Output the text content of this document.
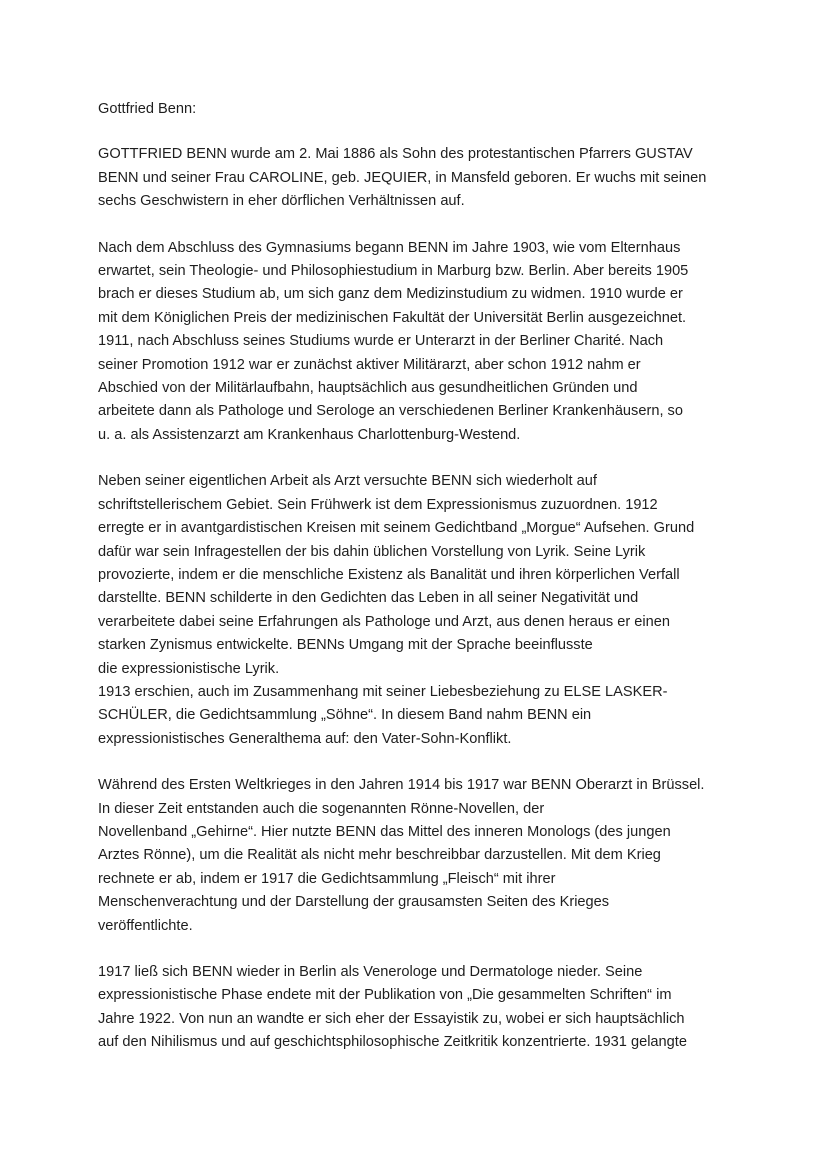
Gottfried Benn:
GOTTFRIED BENN wurde am 2. Mai 1886 als Sohn des protestantischen Pfarrers GUSTAV
BENN und seiner Frau CAROLINE, geb. JEQUIER, in Mansfeld geboren. Er wuchs mit seinen
sechs Geschwistern in eher dörflichen Verhältnissen auf.
Nach dem Abschluss des Gymnasiums begann BENN im Jahre 1903, wie vom Elternhaus
erwartet, sein Theologie- und Philosophiestudium in Marburg bzw. Berlin. Aber bereits 1905
brach er dieses Studium ab, um sich ganz dem Medizinstudium zu widmen. 1910 wurde er
mit dem Königlichen Preis der medizinischen Fakultät der Universität Berlin ausgezeichnet.
1911, nach Abschluss seines Studiums wurde er Unterarzt in der Berliner Charité. Nach
seiner Promotion 1912 war er zunächst aktiver Militärarzt, aber schon 1912 nahm er
Abschied von der Militärlaufbahn, hauptsächlich aus gesundheitlichen Gründen und
arbeitete dann als Pathologe und Serologe an verschiedenen Berliner Krankenhäusern, so
u. a. als Assistenzarzt am Krankenhaus Charlottenburg-Westend.
Neben seiner eigentlichen Arbeit als Arzt versuchte BENN sich wiederholt auf
schriftstellerischem Gebiet. Sein Frühwerk ist dem Expressionismus zuzuordnen. 1912
erregte er in avantgardistischen Kreisen mit seinem Gedichtband „Morgue“ Aufsehen. Grund
dafür war sein Infragestellen der bis dahin üblichen Vorstellung von Lyrik. Seine Lyrik
provozierte, indem er die menschliche Existenz als Banalität und ihren körperlichen Verfall
darstellte. BENN schilderte in den Gedichten das Leben in all seiner Negativität und
verarbeitete dabei seine Erfahrungen als Pathologe und Arzt, aus denen heraus er einen
starken Zynismus entwickelte. BENNs Umgang mit der Sprache beeinflusste
die expressionistische Lyrik.
1913 erschien, auch im Zusammenhang mit seiner Liebesbeziehung zu ELSE LASKER-
SCHÜLER, die Gedichtsammlung „Söhne“. In diesem Band nahm BENN ein
expressionistisches Generalthema auf: den Vater-Sohn-Konflikt.
Während des Ersten Weltkrieges in den Jahren 1914 bis 1917 war BENN Oberarzt in Brüssel.
In dieser Zeit entstanden auch die sogenannten Rönne-Novellen, der
Novellenband „Gehirne“. Hier nutzte BENN das Mittel des inneren Monologs (des jungen
Arztes Rönne), um die Realität als nicht mehr beschreibbar darzustellen. Mit dem Krieg
rechnete er ab, indem er 1917 die Gedichtsammlung „Fleisch“ mit ihrer
Menschenverachtung und der Darstellung der grausamsten Seiten des Krieges
veröffentlichte.
1917 ließ sich BENN wieder in Berlin als Venerologe und Dermatologe nieder. Seine
expressionistische Phase endete mit der Publikation von „Die gesammelten Schriften“ im
Jahre 1922. Von nun an wandte er sich eher der Essayistik zu, wobei er sich hauptsächlich
auf den Nihilismus und auf geschichtsphilosophische Zeitkritik konzentrierte. 1931 gelangte
